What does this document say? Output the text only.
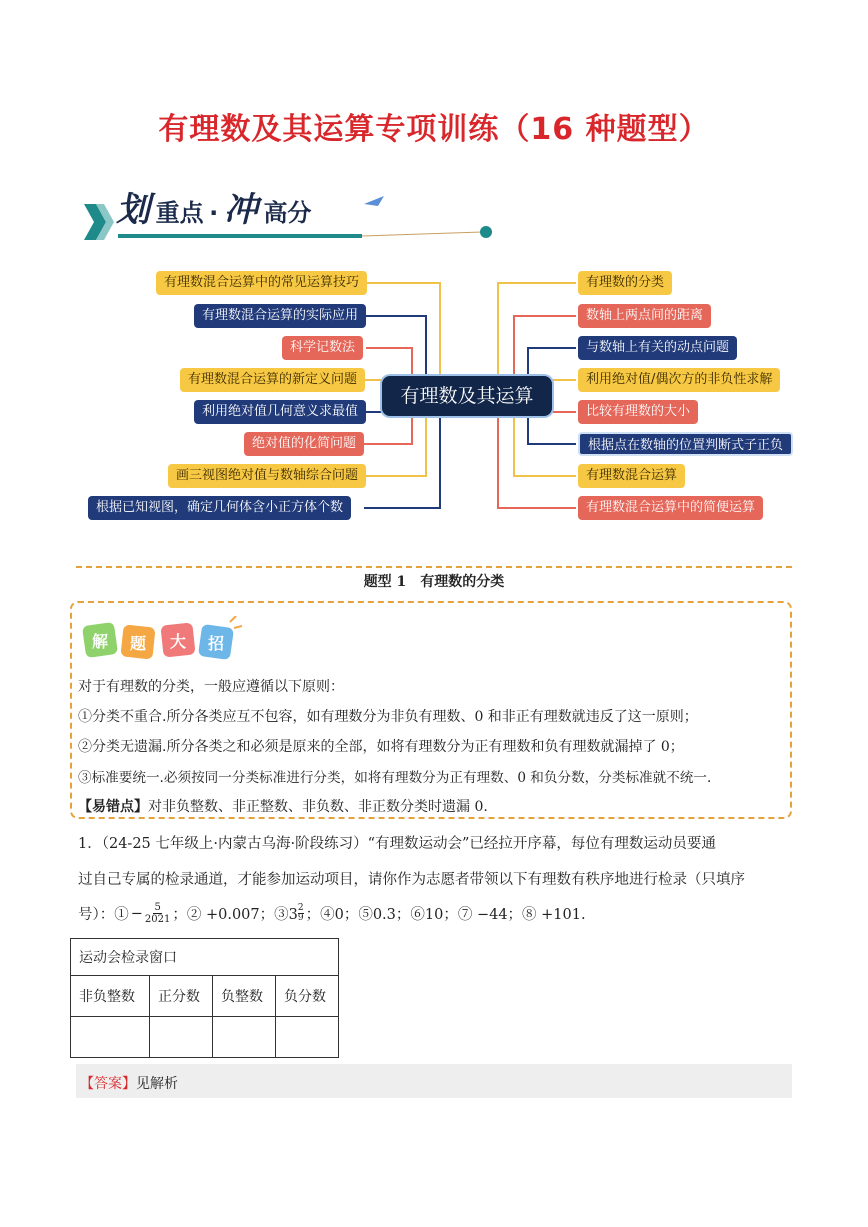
有理数及其运算专项训练（16 种题型）
划 重点 · 冲 高分
有理数混合运算中的常见运算技巧
有理数混合运算的实际应用
科学记数法
有理数混合运算的新定义问题
利用绝对值几何意义求最值
绝对值的化简问题
画三视图绝对值与数轴综合问题
根据已知视图，确定几何体含小正方体个数
有理数及其运算
有理数的分类
数轴上两点间的距离
与数轴上有关的动点问题
利用绝对值/偶次方的非负性求解
比较有理数的大小
根据点在数轴的位置判断式子正负
有理数混合运算
有理数混合运算中的简便运算
题型 1　有理数的分类
解 题 大 招
对于有理数的分类，一般应遵循以下原则：
①分类不重合.所分各类应互不包容，如有理数分为非负有理数、0 和非正有理数就违反了这一原则；
②分类无遗漏.所分各类之和必须是原来的全部，如将有理数分为正有理数和负有理数就漏掉了 0；
③标准要统一.必须按同一分类标准进行分类，如将有理数分为正有理数、0 和负分数，分类标准就不统一.
【易错点】对非负整数、非正整数、非负数、非正数分类时遗漏 0.
1．（24-25 七年级上·内蒙古乌海·阶段练习）“有理数运动会”已经拉开序幕，每位有理数运动员要通
过自己专属的检录通道，才能参加运动项目，请你作为志愿者带领以下有理数有秩序地进行检录（只填序
号）：① − $\frac{5}{2021}$ ；② +0.007；③3 $\frac{2}{9}$ ；④0；⑤0.3；⑥10；⑦ −44；⑧ +101.
运动会检录窗口			
非负整数	正分数	负整数	负分数

【答案】见解析
